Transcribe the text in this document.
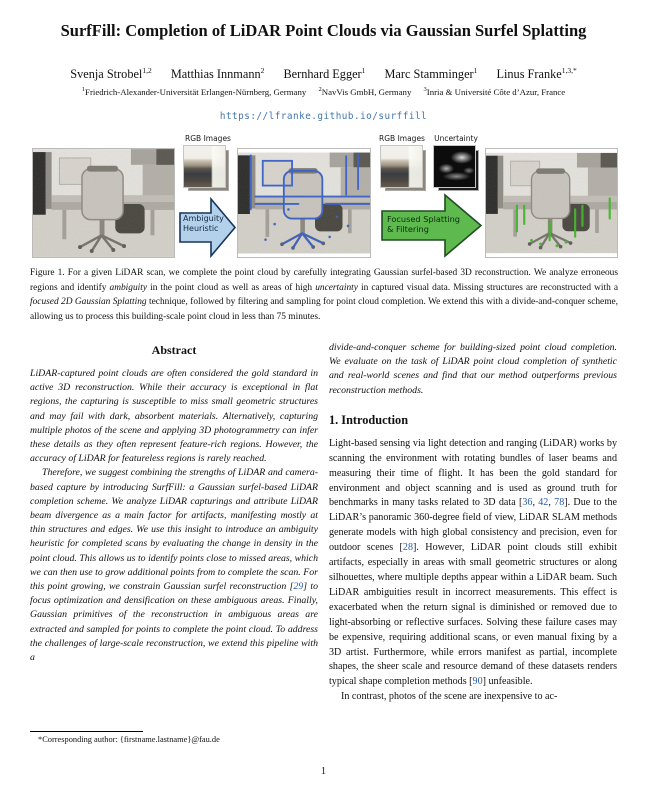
SurfFill: Completion of LiDAR Point Clouds via Gaussian Surfel Splatting
Svenja Strobel$^{1,2}$ Matthias Innmann$^2$ Bernhard Egger$^1$ Marc Stamminger$^1$ Linus Franke$^{1,3,*}$
$^1$Friedrich-Alexander-Universität Erlangen-Nürnberg, Germany $^2$NavVis GmbH, Germany $^3$Inria & Université Côte d’Azur, France
https://lfranke.github.io/surffill
RGB Images
Ambiguity
Heuristic
RGB Images	Uncertainty
Focused Splatting
& Filtering
Figure 1. For a given LiDAR scan, we complete the point cloud by carefully integrating Gaussian surfel-based 3D reconstruction. We analyze erroneous regions and identify ambiguity in the point cloud as well as areas of high uncertainty in captured visual data. Missing structures are reconstructed with a focused 2D Gaussian Splatting technique, followed by filtering and sampling for point cloud completion. We extend this with a divide-and-conquer scheme, allowing us to process this building-scale point cloud in less than 75 minutes.
Abstract

LiDAR-captured point clouds are often considered the gold standard in active 3D reconstruction. While their accuracy is exceptional in flat regions, the capturing is susceptible to miss small geometric structures and may fail with dark, absorbent materials. Alternatively, capturing multiple photos of the scene and applying 3D photogrammetry can infer these details as they often represent feature-rich regions. However, the accuracy of LiDAR for featureless regions is rarely reached.

Therefore, we suggest combining the strengths of LiDAR and camera-based capture by introducing SurfFill: a Gaussian surfel-based LiDAR completion scheme. We analyze LiDAR capturings and attribute LiDAR beam divergence as a main factor for artifacts, manifesting mostly at thin structures and edges. We use this insight to introduce an ambiguity heuristic for completed scans by evaluating the change in density in the point cloud. This allows us to identify points close to missed areas, which we can then use to grow additional points from to complete the scan. For this point growing, we constrain Gaussian surfel reconstruction [29] to focus optimization and densification on these ambiguous areas. Finally, Gaussian primitives of the reconstruction in ambiguous areas are extracted and sampled for points to complete the point cloud. To address the challenges of large-scale reconstruction, we extend this pipeline with a

divide-and-conquer scheme for building-sized point cloud completion. We evaluate on the task of LiDAR point cloud completion of synthetic and real-world scenes and find that our method outperforms previous reconstruction methods.

1. Introduction

Light-based sensing via light detection and ranging (LiDAR) works by scanning the environment with rotating bundles of laser beams and measuring their time of flight. It has been the gold standard for environment and object scanning and is used as ground truth for benchmarks in many tasks related to 3D data [36, 42, 78]. Due to the LiDAR’s panoramic 360-degree field of view, LiDAR SLAM methods generate models with high global consistency and precision, even for outdoor scenes [28]. However, LiDAR point clouds still exhibit artifacts, especially in areas with small geometric structures or along silhouettes, where multiple depths appear within a LiDAR beam. Such LiDAR ambiguities result in incorrect measurements. This effect is exacerbated when the return signal is diminished or removed due to light-absorbing or reflective surfaces. Solving these failure cases may be expensive, requiring additional scans, or even manual fixing by a 3D artist. Furthermore, while errors manifest as partial, incomplete shapes, the sheer scale and resource demand of these datasets renders typical shape completion methods [90] unfeasible.

In contrast, photos of the scene are inexpensive to ac-

*Corresponding author: {firstname.lastname}@fau.de

1
